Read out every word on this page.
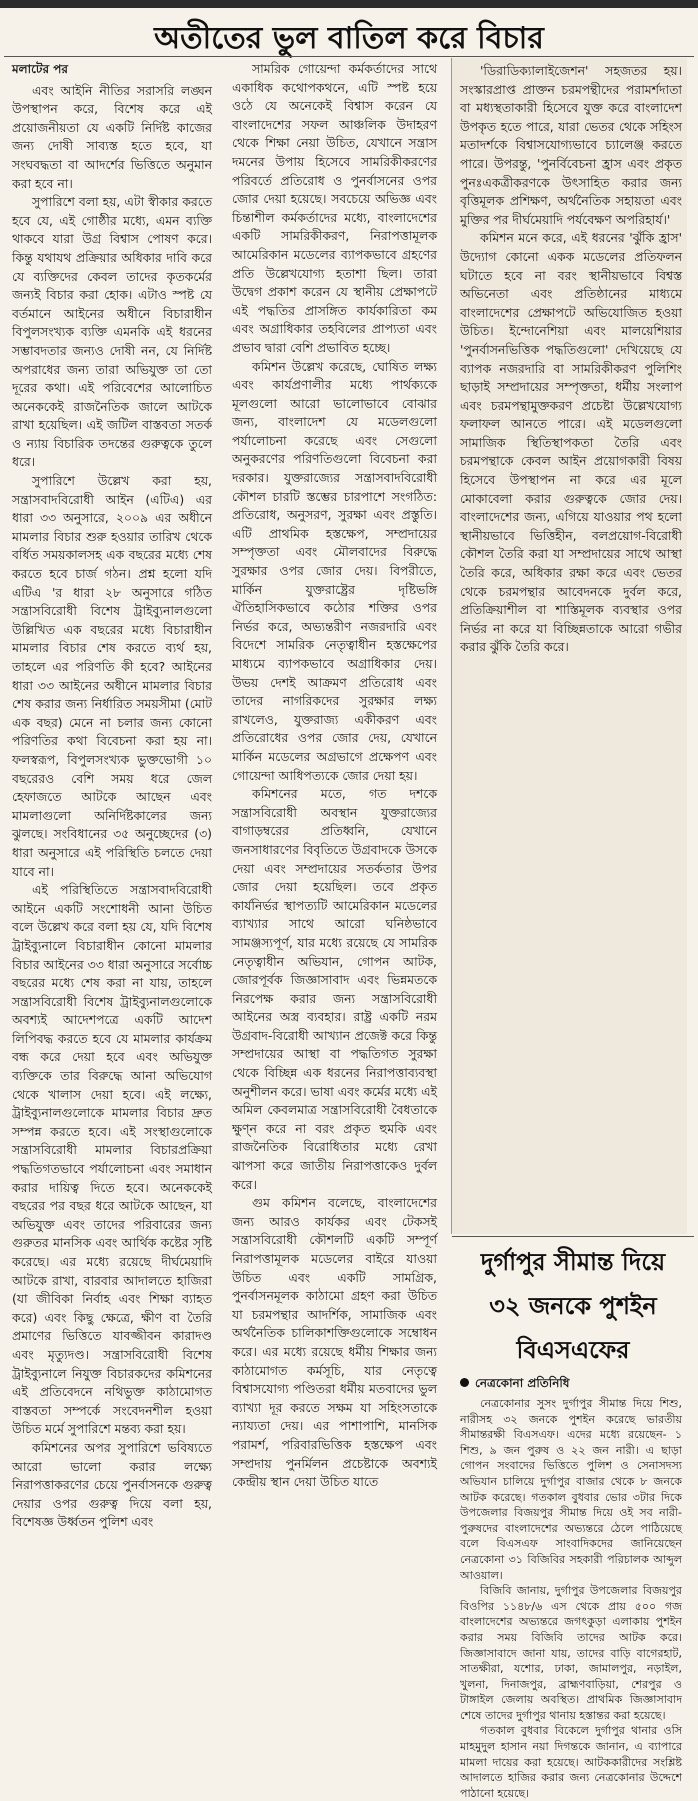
অতীতের ভুল বাতিল করে বিচার
মলাটের পর

এবং আইনি নীতির সরাসরি লঙ্ঘন উপস্থাপন করে, বিশেষ করে এই প্রয়োজনীয়তা যে একটি নির্দিষ্ট কাজের জন্য দোষী সাব্যস্ত হতে হবে, যা সংঘবদ্ধতা বা আদর্শের ভিত্তিতে অনুমান করা হবে না।

সুপারিশে বলা হয়, এটা স্বীকার করতে হবে যে, এই গোষ্ঠীর মধ্যে, এমন ব্যক্তি থাকবে যারা উগ্র বিশ্বাস পোষণ করে। কিন্তু যথাযথ প্রক্রিয়ার অধিকার দাবি করে যে ব্যক্তিদের কেবল তাদের কৃতকর্মের জন্যই বিচার করা হোক। এটাও স্পষ্ট যে বর্তমানে আইনের অধীনে বিচারাধীন বিপুলসংখ্যক ব্যক্তি এমনকি এই ধরনের সম্ভাবদতার জন্যও দোষী নন, যে নির্দিষ্ট অপরাধের জন্য তারা অভিযুক্ত তা তো দূরের কথা। এই পরিবেশের আলোচিত অনেককেই রাজনৈতিক জালে আটকে রাখা হয়েছিল। এই জটিল বাস্তবতা সতর্ক ও ন্যায় বিচারিক তদন্তের গুরুত্বকে তুলে ধরে।

সুপারিশে উল্লেখ করা হয়, সন্ত্রাসবাদবিরোধী আইন (এটিএ) এর ধারা ৩৩ অনুসারে, ২০০৯ এর অধীনে মামলার বিচার শুরু হওয়ার তারিখ থেকে বর্ধিত সময়কালসহ এক বছরের মধ্যে শেষ করতে হবে চার্জ গঠন। প্রশ্ন হলো যদি এটিএ 'র ধারা ২৮ অনুসারে গঠিত সন্ত্রাসবিরোধী বিশেষ ট্রাইব্যুনালগুলো উল্লিখিত এক বছরের মধ্যে বিচারাধীন মামলার বিচার শেষ করতে ব্যর্থ হয়, তাহলে এর পরিণতি কী হবে? আইনের ধারা ৩৩ আইনের অধীনে মামলার বিচার শেষ করার জন্য নির্ধারিত সময়সীমা (মোট এক বছর) মেনে না চলার জন্য কোনো পরিণতির কথা বিবেচনা করা হয় না। ফলস্বরূপ, বিপুলসংখ্যক ভুক্তভোগী ১০ বছরেরও বেশি সময় ধরে জেল হেফাজতে আটকে আছেন এবং মামলাগুলো অনির্দিষ্টকালের জন্য ঝুলছে। সংবিধানের ৩৫ অনুচ্ছেদের (৩) ধারা অনুসারে এই পরিস্থিতি চলতে দেয়া যাবে না।

এই পরিস্থিতিতে সন্ত্রাসবাদবিরোধী আইনে একটি সংশোধনী আনা উচিত বলে উল্লেখ করে বলা হয় যে, যদি বিশেষ ট্রাইব্যুনালে বিচারাধীন কোনো মামলার বিচার আইনের ৩৩ ধারা অনুসারে সর্বোচ্চ বছরের মধ্যে শেষ করা না যায়, তাহলে সন্ত্রাসবিরোধী বিশেষ ট্রাইব্যুনালগুলোকে অবশ্যই আদেশপত্রে একটি আদেশ লিপিবদ্ধ করতে হবে যে মামলার কার্যক্রম বন্ধ করে দেয়া হবে এবং অভিযুক্ত ব্যক্তিকে তার বিরুদ্ধে আনা অভিযোগ থেকে খালাস দেয়া হবে। এই লক্ষ্যে, ট্রাইব্যুনালগুলোকে মামলার বিচার দ্রুত সম্পন্ন করতে হবে। এই সংস্থাগুলোকে সন্ত্রাসবিরোধী মামলার বিচারপ্রক্রিয়া পদ্ধতিগতভাবে পর্যালোচনা এবং সমাধান করার দায়িত্ব দিতে হবে। অনেককেই বছরের পর বছর ধরে আটকে আছেন, যা অভিযুক্ত এবং তাদের পরিবারের জন্য গুরুতর মানসিক এবং আর্থিক কষ্টের সৃষ্টি করেছে। এর মধ্যে রয়েছে দীর্ঘমেয়াদি আটকে রাখা, বারবার আদালতে হাজিরা (যা জীবিকা নির্বাহ এবং শিক্ষা ব্যাহত করে) এবং কিছু ক্ষেত্রে, ক্ষীণ বা তৈরি প্রমাণের ভিত্তিতে যাবজ্জীবন কারাদণ্ড এবং মৃত্যুদণ্ড। সন্ত্রাসবিরোধী বিশেষ ট্রাইব্যুনালে নিযুক্ত বিচারকদের কমিশনের এই প্রতিবেদনে নথিভুক্ত কাঠামোগত বাস্তবতা সম্পর্কে সংবেদনশীল হওয়া উচিত মর্মে সুপারিশে মন্তব্য করা হয়।

কমিশনের অপর সুপারিশে ভবিষ্যতে আরো ভালো করার লক্ষ্যে নিরাপত্তাকরণের চেয়ে পুনর্বাসনকে গুরুত্ব দেয়ার ওপর গুরুত্ব দিয়ে বলা হয়, বিশেষজ্ঞ উর্ধ্বতন পুলিশ এবং

সামরিক গোয়েন্দা কর্মকর্তাদের সাথে একাধিক কথোপকথনে, এটি স্পষ্ট হয়ে ওঠে যে অনেকেই বিশ্বাস করেন যে বাংলাদেশের সফল আঞ্চলিক উদাহরণ থেকে শিক্ষা নেয়া উচিত, যেখানে সন্ত্রাস দমনের উপায় হিসেবে সামরিকীকরণের পরিবর্তে প্রতিরোধ ও পুনর্বাসনের ওপর জোর দেয়া হয়েছে। সবচেয়ে অভিজ্ঞ এবং চিন্তাশীল কর্মকর্তাদের মধ্যে, বাংলাদেশের একটি সামরিকীকরণ, নিরাপত্তামূলক আমেরিকান মডেলের ব্যাপকভাবে গ্রহণের প্রতি উল্লেখযোগ্য হতাশা ছিল। তারা উদ্বেগ প্রকাশ করেন যে স্থানীয় প্রেক্ষাপটে এই পদ্ধতির প্রাসঙ্গিত কার্যকারিতা কম এবং অগ্রাধিকার তহবিলের প্রাপ্যতা এবং প্রভাব দ্বারা বেশি প্রভাবিত হচ্ছে।

কমিশন উল্লেখ করেছে, ঘোষিত লক্ষ্য এবং কার্যপ্রণালীর মধ্যে পার্থক্যকে মূলগুলো আরো ভালোভাবে বোঝার জন্য, বাংলাদেশ যে মডেলগুলো পর্যালোচনা করেছে এবং সেগুলো অনুকরণের পরিণতিগুলো বিবেচনা করা দরকার। যুক্তরাজ্যের সন্ত্রাসবাদবিরোধী কৌশল চারটি স্তম্ভের চারপাশে সংগঠিত: প্রতিরোধ, অনুসরণ, সুরক্ষা এবং প্রস্তুতি। এটি প্রাথমিক হস্তক্ষেপ, সম্প্রদায়ের সম্পৃক্ততা এবং মৌলবাদের বিরুদ্ধে সুরক্ষার ওপর জোর দেয়। বিপরীতে, মার্কিন যুক্তরাষ্ট্রের দৃষ্টিভঙ্গি ঐতিহাসিকভাবে কঠোর শক্তির ওপর নির্ভর করে, অভ্যন্তরীণ নজরদারি এবং বিদেশে সামরিক নেতৃত্বাধীন হস্তক্ষেপের মাধ্যমে ব্যাপকভাবে অগ্রাধিকার দেয়। উভয় দেশই আক্রমণ প্রতিরোধ এবং তাদের নাগরিকদের সুরক্ষার লক্ষ্য রাখলেও, যুক্তরাজ্য একীকরণ এবং প্রতিরোধের ওপর জোর দেয়, যেখানে মার্কিন মডেলের অগ্রভাগে প্রক্ষেপণ এবং গোয়েন্দা আধিপত্যকে জোর দেয়া হয়।

কমিশনের মতে, গত দশকে সন্ত্রাসবিরোধী অবস্থান যুক্তরাজ্যের বাগাড়ম্বরের প্রতিধ্বনি, যেখানে জনসাধারণের বিবৃতিতে উগ্রবাদকে উসকে দেয়া এবং সম্প্রদায়ের সতর্কতার উপর জোর দেয়া হয়েছিল। তবে প্রকৃত কার্যনির্ভর স্থাপত্যটি আমেরিকান মডেলের ব্যাখ্যার সাথে আরো ঘনিষ্ঠভাবে সামঞ্জস্যপূর্ণ, যার মধ্যে রয়েছে যে সামরিক নেতৃত্বাধীন অভিযান, গোপন আটক, জোরপূর্বক জিজ্ঞাসাবাদ এবং ভিন্নমতকে নিরপেক্ষ করার জন্য সন্ত্রাসবিরোধী আইনের অস্ত্র ব্যবহার। রাষ্ট্র একটি নরম উগ্রবাদ-বিরোধী আখ্যান প্রজেক্ট করে কিন্তু সম্প্রদায়ের আস্থা বা পদ্ধতিগত সুরক্ষা থেকে বিচ্ছিন্ন এক ধরনের নিরাপত্তাব্যবস্থা অনুশীলন করে। ভাষা এবং কর্মের মধ্যে এই অমিল কেবলমাত্র সন্ত্রাসবিরোধী বৈধতাকে ক্ষুণ্ন করে না বরং প্রকৃত হুমকি এবং রাজনৈতিক বিরোধিতার মধ্যে রেখা ঝাপসা করে জাতীয় নিরাপত্তাকেও দুর্বল করে।

গুম কমিশন বলেছে, বাংলাদেশের জন্য আরও কার্যকর এবং টেকসই সন্ত্রাসবিরোধী কৌশলটি একটি সম্পূর্ণ নিরাপত্তামূলক মডেলের বাইরে যাওয়া উচিত এবং একটি সামগ্রিক, পুনর্বাসনমূলক কাঠামো গ্রহণ করা উচিত যা চরমপন্থার আদর্শিক, সামাজিক এবং অর্থনৈতিক চালিকাশক্তিগুলোকে সম্বোধন করে। এর মধ্যে রয়েছে ধর্মীয় শিক্ষার জন্য কাঠামোগত কর্মসূচি, যার নেতৃত্বে বিশ্বাসযোগ্য পণ্ডিতরা ধর্মীয় মতবাদের ভুল ব্যাখ্যা দূর করতে সক্ষম যা সহিংসতাকে ন্যায্যতা দেয়। এর পাশাপাশি, মানসিক পরামর্শ, পরিবারভিত্তিক হস্তক্ষেপ এবং সম্প্রদায় পুনর্মিলন প্রচেষ্টাকে অবশ্যই কেন্দ্রীয় স্থান দেয়া উচিত যাতে

'ডিরাডিক্যালাইজেশন' সহজতর হয়। সংস্কারপ্রাপ্ত প্রাক্তন চরমপন্থীদের পরামর্শদাতা বা মধ্যস্থতাকারী হিসেবে যুক্ত করে বাংলাদেশ উপকৃত হতে পারে, যারা ভেতর থেকে সহিংস মতাদর্শকে বিশ্বাসযোগ্যভাবে চ্যালেঞ্জ করতে পারে। উপরন্তু, 'পুনর্বিবেচনা হ্রাস এবং প্রকৃত পুনঃএকত্রীকরণকে উৎসাহিত করার জন্য বৃত্তিমূলক প্রশিক্ষণ, অর্থনৈতিক সহায়তা এবং মুক্তির পর দীর্ঘমেয়াদি পর্যবেক্ষণ অপরিহার্য।'

কমিশন মনে করে, এই ধরনের 'ঝুঁকি হ্রাস' উদ্যোগ কোনো একক মডেলের প্রতিফলন ঘটাতে হবে না বরং স্থানীয়ভাবে বিশ্বস্ত অভিনেতা এবং প্রতিষ্ঠানের মাধ্যমে বাংলাদেশের প্রেক্ষাপটে অভিযোজিত হওয়া উচিত। ইন্দোনেশিয়া এবং মালয়েশিয়ার 'পুনর্বাসনভিত্তিক পদ্ধতিগুলো' দেখিয়েছে যে ব্যাপক নজরদারি বা সামরিকীকরণ পুলিশিং ছাড়াই সম্প্রদায়ের সম্পৃক্ততা, ধর্মীয় সংলাপ এবং চরমপন্থামুক্তকরণ প্রচেষ্টা উল্লেখযোগ্য ফলাফল আনতে পারে। এই মডেলগুলো সামাজিক স্থিতিস্থাপকতা তৈরি এবং চরমপন্থাকে কেবল আইন প্রয়োগকারী বিষয় হিসেবে উপস্থাপন না করে এর মূলে মোকাবেলা করার গুরুত্বকে জোর দেয়। বাংলাদেশের জন্য, এগিয়ে যাওয়ার পথ হলো স্থানীয়ভাবে ভিত্তিহীন, বলপ্রয়োগ-বিরোধী কৌশল তৈরি করা যা সম্প্রদায়ের সাথে আস্থা তৈরি করে, অধিকার রক্ষা করে এবং ভেতর থেকে চরমপন্থার আবেদনকে দুর্বল করে, প্রতিক্রিয়াশীল বা শাস্তিমূলক ব্যবস্থার ওপর নির্ভর না করে যা বিচ্ছিন্নতাকে আরো গভীর করার ঝুঁকি তৈরি করে।

দুর্গাপুর সীমান্ত দিয়ে
৩২ জনকে পুশইন
বিএসএফের
নেত্রকোনা প্রতিনিধি

নেত্রকোনার সুসং দুর্গাপুর সীমান্ত দিয়ে শিশু, নারীসহ ৩২ জনকে পুশইন করেছে ভারতীয় সীমান্তরক্ষী বিএসএফ। এদের মধ্যে রয়েছেন- ১ শিশু, ৯ জন পুরুষ ও ২২ জন নারী। এ ছাড়া গোপন সংবাদের ভিত্তিতে পুলিশ ও সেনাসদস্য অভিযান চালিয়ে দুর্গাপুর বাজার থেকে ৮ জনকে আটক করেছে। গতকাল বুধবার ভোর ৩টার দিকে উপজেলার বিজয়পুর সীমান্ত দিয়ে ওই সব নারী-পুরুষদের বাংলাদেশের অভ্যন্তরে ঠেলে পাঠিয়েছে বলে বিএসএফ সাংবাদিকদের জানিয়েছেন নেত্রকোনা ৩১ বিজিবির সহকারী পরিচালক আব্দুল আওয়াল।

বিজিবি জানায়, দুর্গাপুর উপজেলার বিজয়পুর বিওপির ১১৪৮/৬ এস থেকে প্রায় ৫০০ গজ বাংলাদেশের অভ্যন্তরে জগৎকুড়া এলাকায় পুশইন করার সময় বিজিবি তাদের আটক করে। জিজ্ঞাসাবাদে জানা যায়, তাদের বাড়ি বাগেরহাট, সাতক্ষীরা, যশোর, ঢাকা, জামালপুর, নড়াইল, খুলনা, দিনাজপুর, ব্রাহ্মণবাড়িয়া, শেরপুর ও টাঙ্গাইল জেলায় অবস্থিত। প্রাথমিক জিজ্ঞাসাবাদ শেষে তাদের দুর্গাপুর থানায় হস্তান্তর করা হয়েছে।

গতকাল বুধবার বিকেলে দুর্গাপুর থানার ওসি মাহমুদুল হাসান নয়া দিগন্তকে জানান, এ ব্যাপারে মামলা দায়ের করা হয়েছে। আটককারীদের সংশ্লিষ্ট আদালতে হাজির করার জন্য নেত্রকোনার উদ্দেশে পাঠানো হয়েছে।
